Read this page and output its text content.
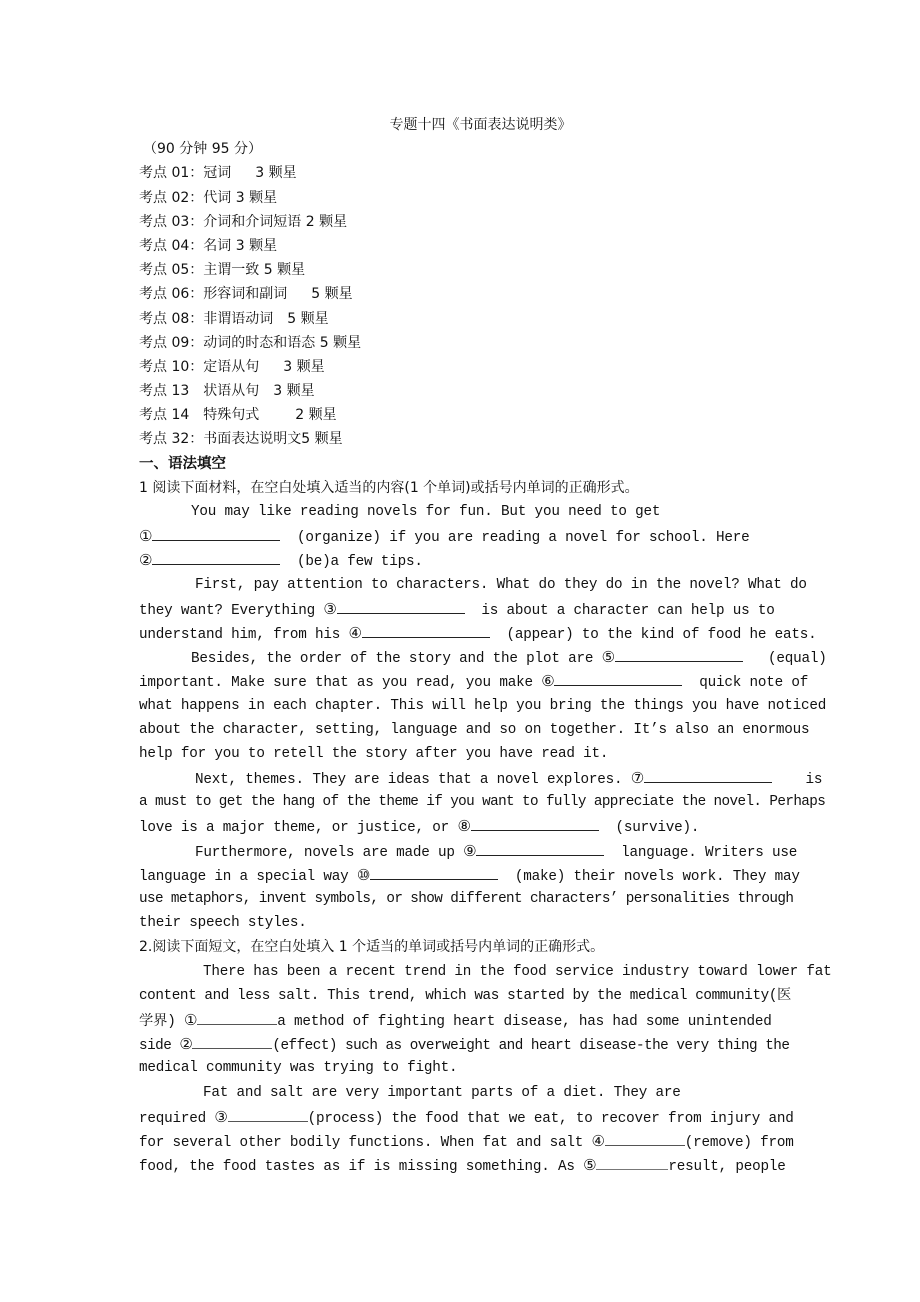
专题十四《书面表达说明类》
（90 分钟 95 分）
考点 01：冠词 3 颗星
考点 02：代词 3 颗星
考点 03：介词和介词短语 2 颗星
考点 04：名词 3 颗星
考点 05：主谓一致 5 颗星
考点 06：形容词和副词 5 颗星
考点 08：非谓语动词 5 颗星
考点 09：动词的时态和语态 5 颗星
考点 10：定语从句 3 颗星
考点 13 状语从句 3 颗星
考点 14 特殊句式	2 颗星
考点 32：书面表达说明文5 颗星
一、语法填空
1 阅读下面材料，在空白处填入适当的内容(1 个单词)或括号内单词的正确形式。
You may like reading novels for fun. But you need to get
①	(organize) if you are reading a novel for school. Here
②	(be)a few tips.
First, pay attention to characters. What do they do in the novel? What do
they want? Everything ③	is about a character can help us to
understand him, from his ④	(appear) to the kind of food he eats.
Besides, the order of the story and the plot are ⑤	(equal)
important. Make sure that as you read, you make ⑥	quick note of
what happens in each chapter. This will help you bring the things you have noticed
about the character, setting, language and so on together. It’s also an enormous
help for you to retell the story after you have read it.
Next, themes. They are ideas that a novel explores. ⑦	is
a must to get the hang of the theme if you want to fully appreciate the novel. Perhaps
love is a major theme, or justice, or ⑧	(survive).
Furthermore, novels are made up ⑨	language. Writers use
language in a special way ⑩	(make) their novels work. They may
use metaphors, invent symbols, or show different characters’ personalities through
their speech styles.
2.阅读下面短文，在空白处填入 1 个适当的单词或括号内单词的正确形式。
There has been a recent trend in the food service industry toward lower fat
content and less salt. This trend, which was started by the medical community(医
学界) ①	a method of fighting heart disease, has had some unintended
side ②	(effect) such as overweight and heart disease-the very thing the
medical community was trying to fight.
Fat and salt are very important parts of a diet. They are
required ③	(process) the food that we eat, to recover from injury and
for several other bodily functions. When fat and salt ④	(remove) from
food, the food tastes as if is missing something. As ⑤	result, people
